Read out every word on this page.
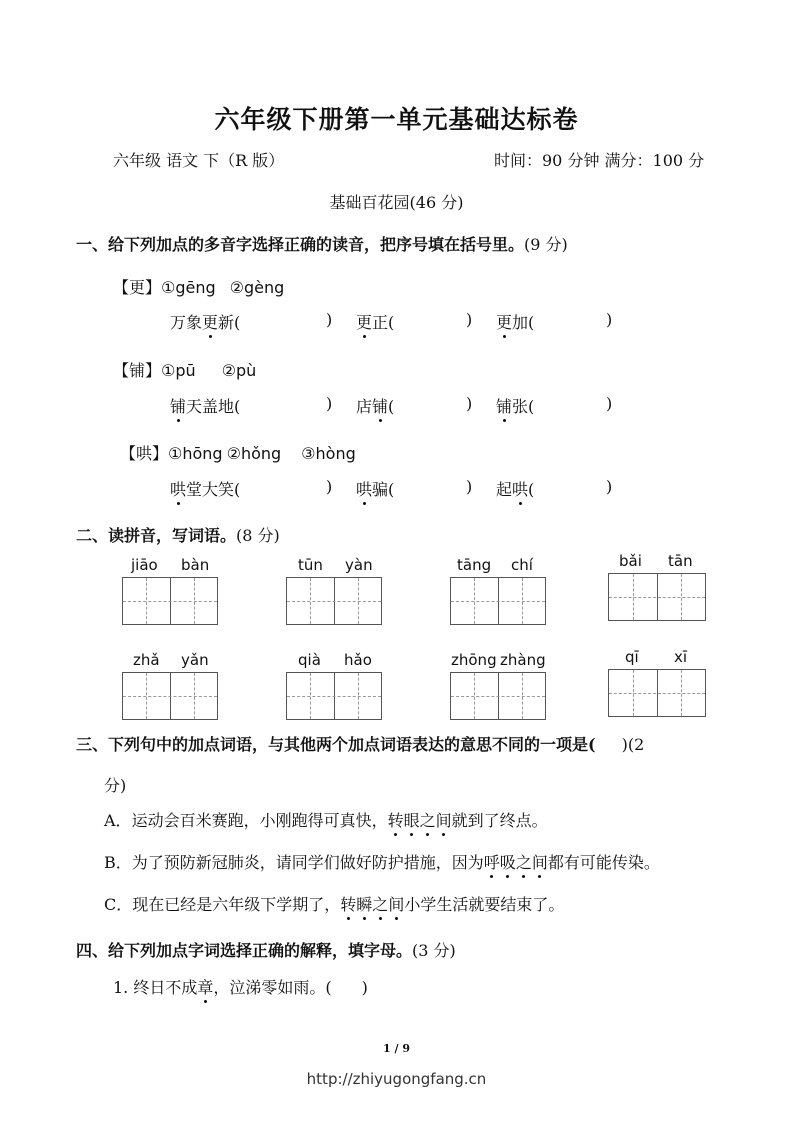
六年级下册第一单元基础达标卷
六年级 语文 下（R 版）	时间：90 分钟 满分：100 分
基础百花园(46 分)
一、给下列加点的多音字选择正确的读音，把序号填在括号里。(9 分)
【更】①gēng ②gèng
万象更新(	) 更正(	) 更加(	)
【铺】①pū ②pù
铺天盖地(	) 店铺(	) 铺张(	)
【哄】①hōng ②hǒng ③hòng
哄堂大笑(	) 哄骗(	) 起哄(	)
二、读拼音，写词语。(8 分)
jiāo bàn	tūn yàn	tāng chí	bǎi tān
zhǎ yǎn	qià hǎo	zhōng zhàng	qī xī
三、下列句中的加点词语，与其他两个加点词语表达的意思不同的一项是( )(2
分)
A．运动会百米赛跑，小刚跑得可真快，转眼之间就到了终点。
B．为了预防新冠肺炎，请同学们做好防护措施，因为呼吸之间都有可能传染。
C．现在已经是六年级下学期了，转瞬之间小学生活就要结束了。
四、给下列加点字词选择正确的解释，填字母。(3 分)
1. 终日不成章，泣涕零如雨。( )
1 / 9
http://zhiyugongfang.cn
